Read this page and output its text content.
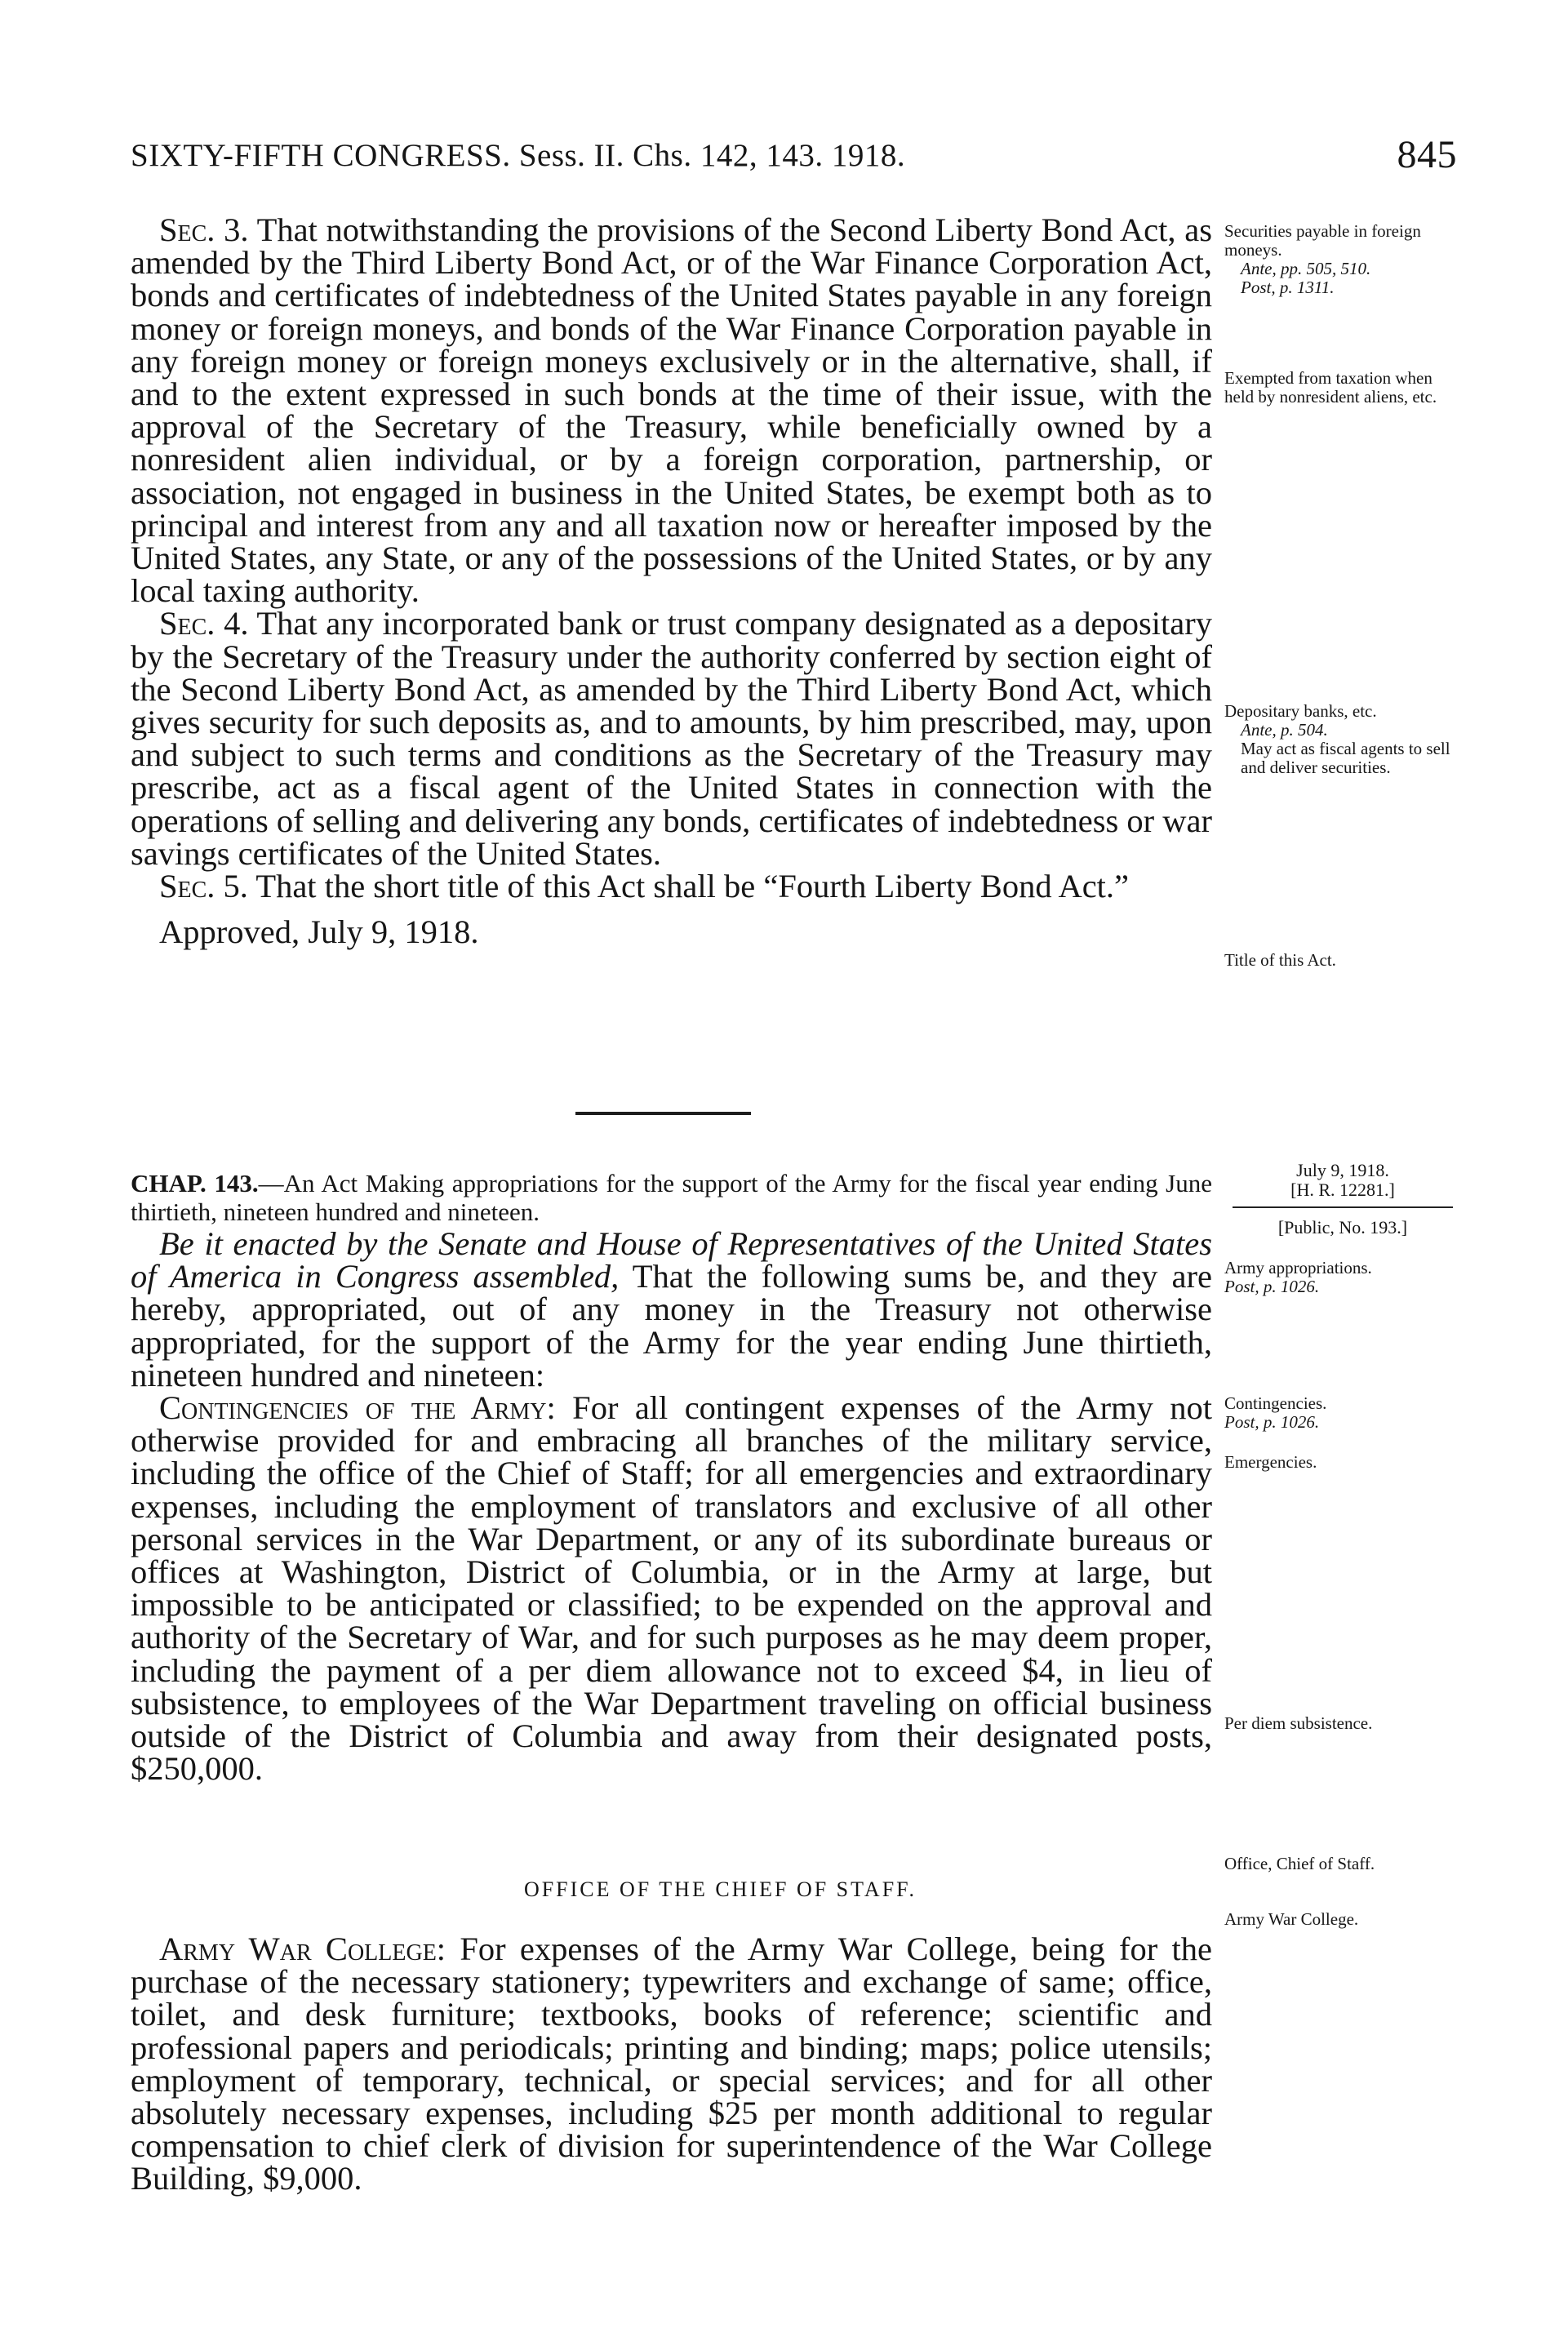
SIXTY-FIFTH CONGRESS. Sess. II. Chs. 142, 143. 1918.	845

Sec. 3. That notwithstanding the provisions of the Second Liberty Bond Act, as amended by the Third Liberty Bond Act, or of the War Finance Corporation Act, bonds and certificates of indebtedness of the United States payable in any foreign money or foreign moneys, and bonds of the War Finance Corporation payable in any foreign money or foreign moneys exclusively or in the alternative, shall, if and to the extent expressed in such bonds at the time of their issue, with the approval of the Secretary of the Treasury, while beneficially owned by a nonresident alien individual, or by a foreign corporation, partnership, or association, not engaged in business in the United States, be exempt both as to principal and interest from any and all taxation now or hereafter imposed by the United States, any State, or any of the possessions of the United States, or by any local taxing authority.

Sec. 4. That any incorporated bank or trust company designated as a depositary by the Secretary of the Treasury under the authority conferred by section eight of the Second Liberty Bond Act, as amended by the Third Liberty Bond Act, which gives security for such deposits as, and to amounts, by him prescribed, may, upon and subject to such terms and conditions as the Secretary of the Treasury may prescribe, act as a fiscal agent of the United States in connection with the operations of selling and delivering any bonds, certificates of indebtedness or war savings certificates of the United States.

Sec. 5. That the short title of this Act shall be “Fourth Liberty Bond Act.”

Approved, July 9, 1918.

Securities payable in foreign moneys.
Ante, pp. 505, 510.
Post, p. 1311.
Exempted from taxation when held by nonresident aliens, etc.
Depositary banks, etc.
Ante, p. 504.
May act as fiscal agents to sell and deliver securities.
Title of this Act.
CHAP. 143.—An Act Making appropriations for the support of the Army for the fiscal year ending June thirtieth, nineteen hundred and nineteen.
July 9, 1918.
[H. R. 12281.]
[Public, No. 193.]

Be it enacted by the Senate and House of Representatives of the United States of America in Congress assembled, That the following sums be, and they are hereby, appropriated, out of any money in the Treasury not otherwise appropriated, for the support of the Army for the year ending June thirtieth, nineteen hundred and nineteen:

Contingencies of the Army: For all contingent expenses of the Army not otherwise provided for and embracing all branches of the military service, including the office of the Chief of Staff; for all emergencies and extraordinary expenses, including the employment of translators and exclusive of all other personal services in the War Department, or any of its subordinate bureaus or offices at Washington, District of Columbia, or in the Army at large, but impossible to be anticipated or classified; to be expended on the approval and authority of the Secretary of War, and for such purposes as he may deem proper, including the payment of a per diem allowance not to exceed $4, in lieu of subsistence, to employees of the War Department traveling on official business outside of the District of Columbia and away from their designated posts, $250,000.

Army appropriations.
Post, p. 1026.
Contingencies.
Post, p. 1026.
Emergencies.
Per diem subsistence.
OFFICE OF THE CHIEF OF STAFF.
Office, Chief of Staff.
Army War College.

Army War College: For expenses of the Army War College, being for the purchase of the necessary stationery; typewriters and exchange of same; office, toilet, and desk furniture; textbooks, books of reference; scientific and professional papers and periodicals; printing and binding; maps; police utensils; employment of temporary, technical, or special services; and for all other absolutely necessary expenses, including $25 per month additional to regular compensation to chief clerk of division for superintendence of the War College Building, $9,000.
